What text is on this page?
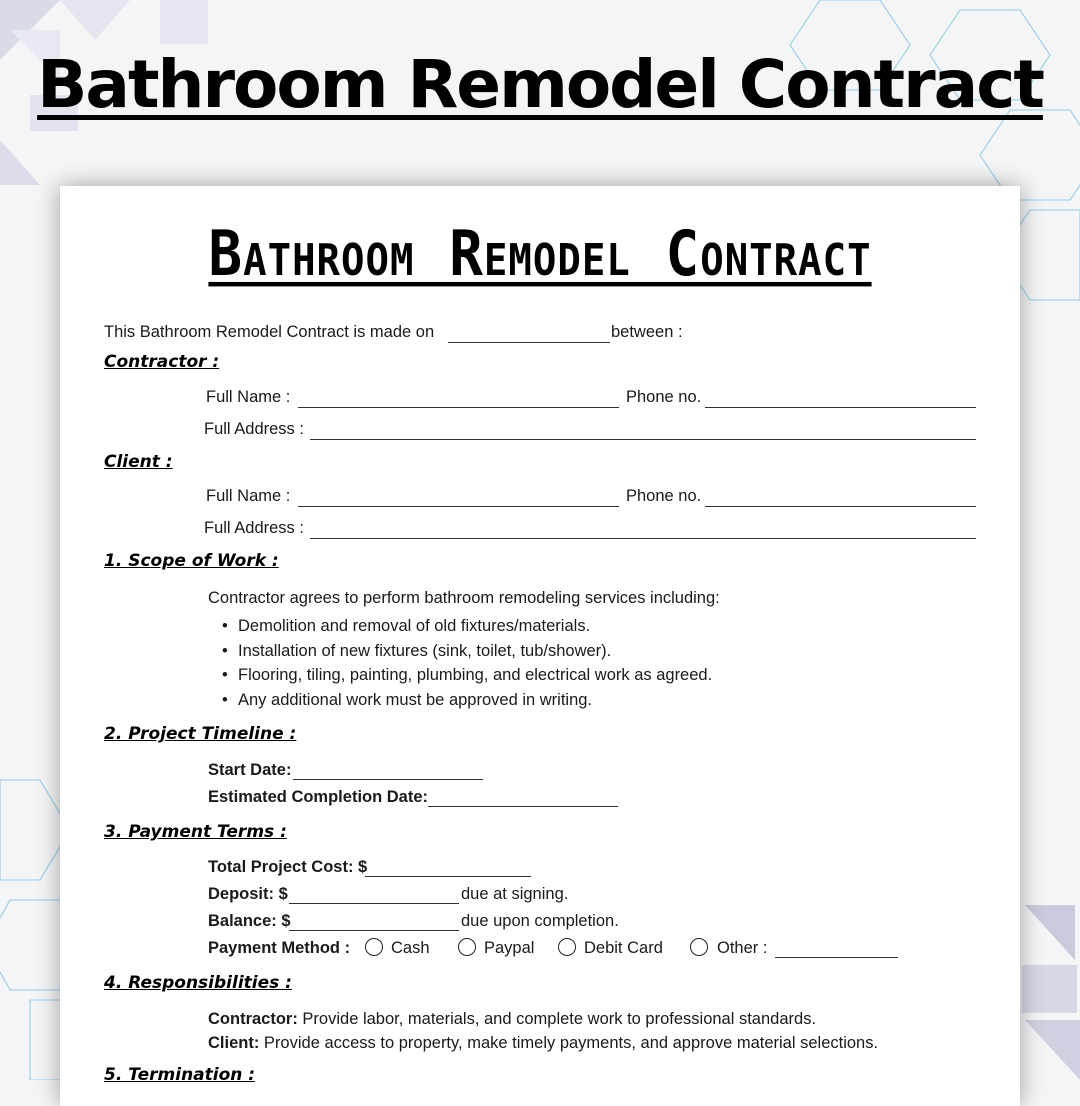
Bathroom Remodel Contract
Bathroom Remodel Contract
This Bathroom Remodel Contract is made on	between :
Contractor :
Full Name :	Phone no.
Full Address :
Client :
Full Name :	Phone no.
Full Address :
1. Scope of Work :
Contractor agrees to perform bathroom remodeling services including:
• Demolition and removal of old fixtures/materials.
• Installation of new fixtures (sink, toilet, tub/shower).
• Flooring, tiling, painting, plumbing, and electrical work as agreed.
• Any additional work must be approved in writing.
2. Project Timeline :
Start Date:
Estimated Completion Date:
3. Payment Terms :
Total Project Cost: $
Deposit: $	due at signing.
Balance: $	due upon completion.
Payment Method : Cash	Paypal	Debit Card	Other :
4. Responsibilities :
Contractor: Provide labor, materials, and complete work to professional standards.
Client: Provide access to property, make timely payments, and approve material selections.
5. Termination :
